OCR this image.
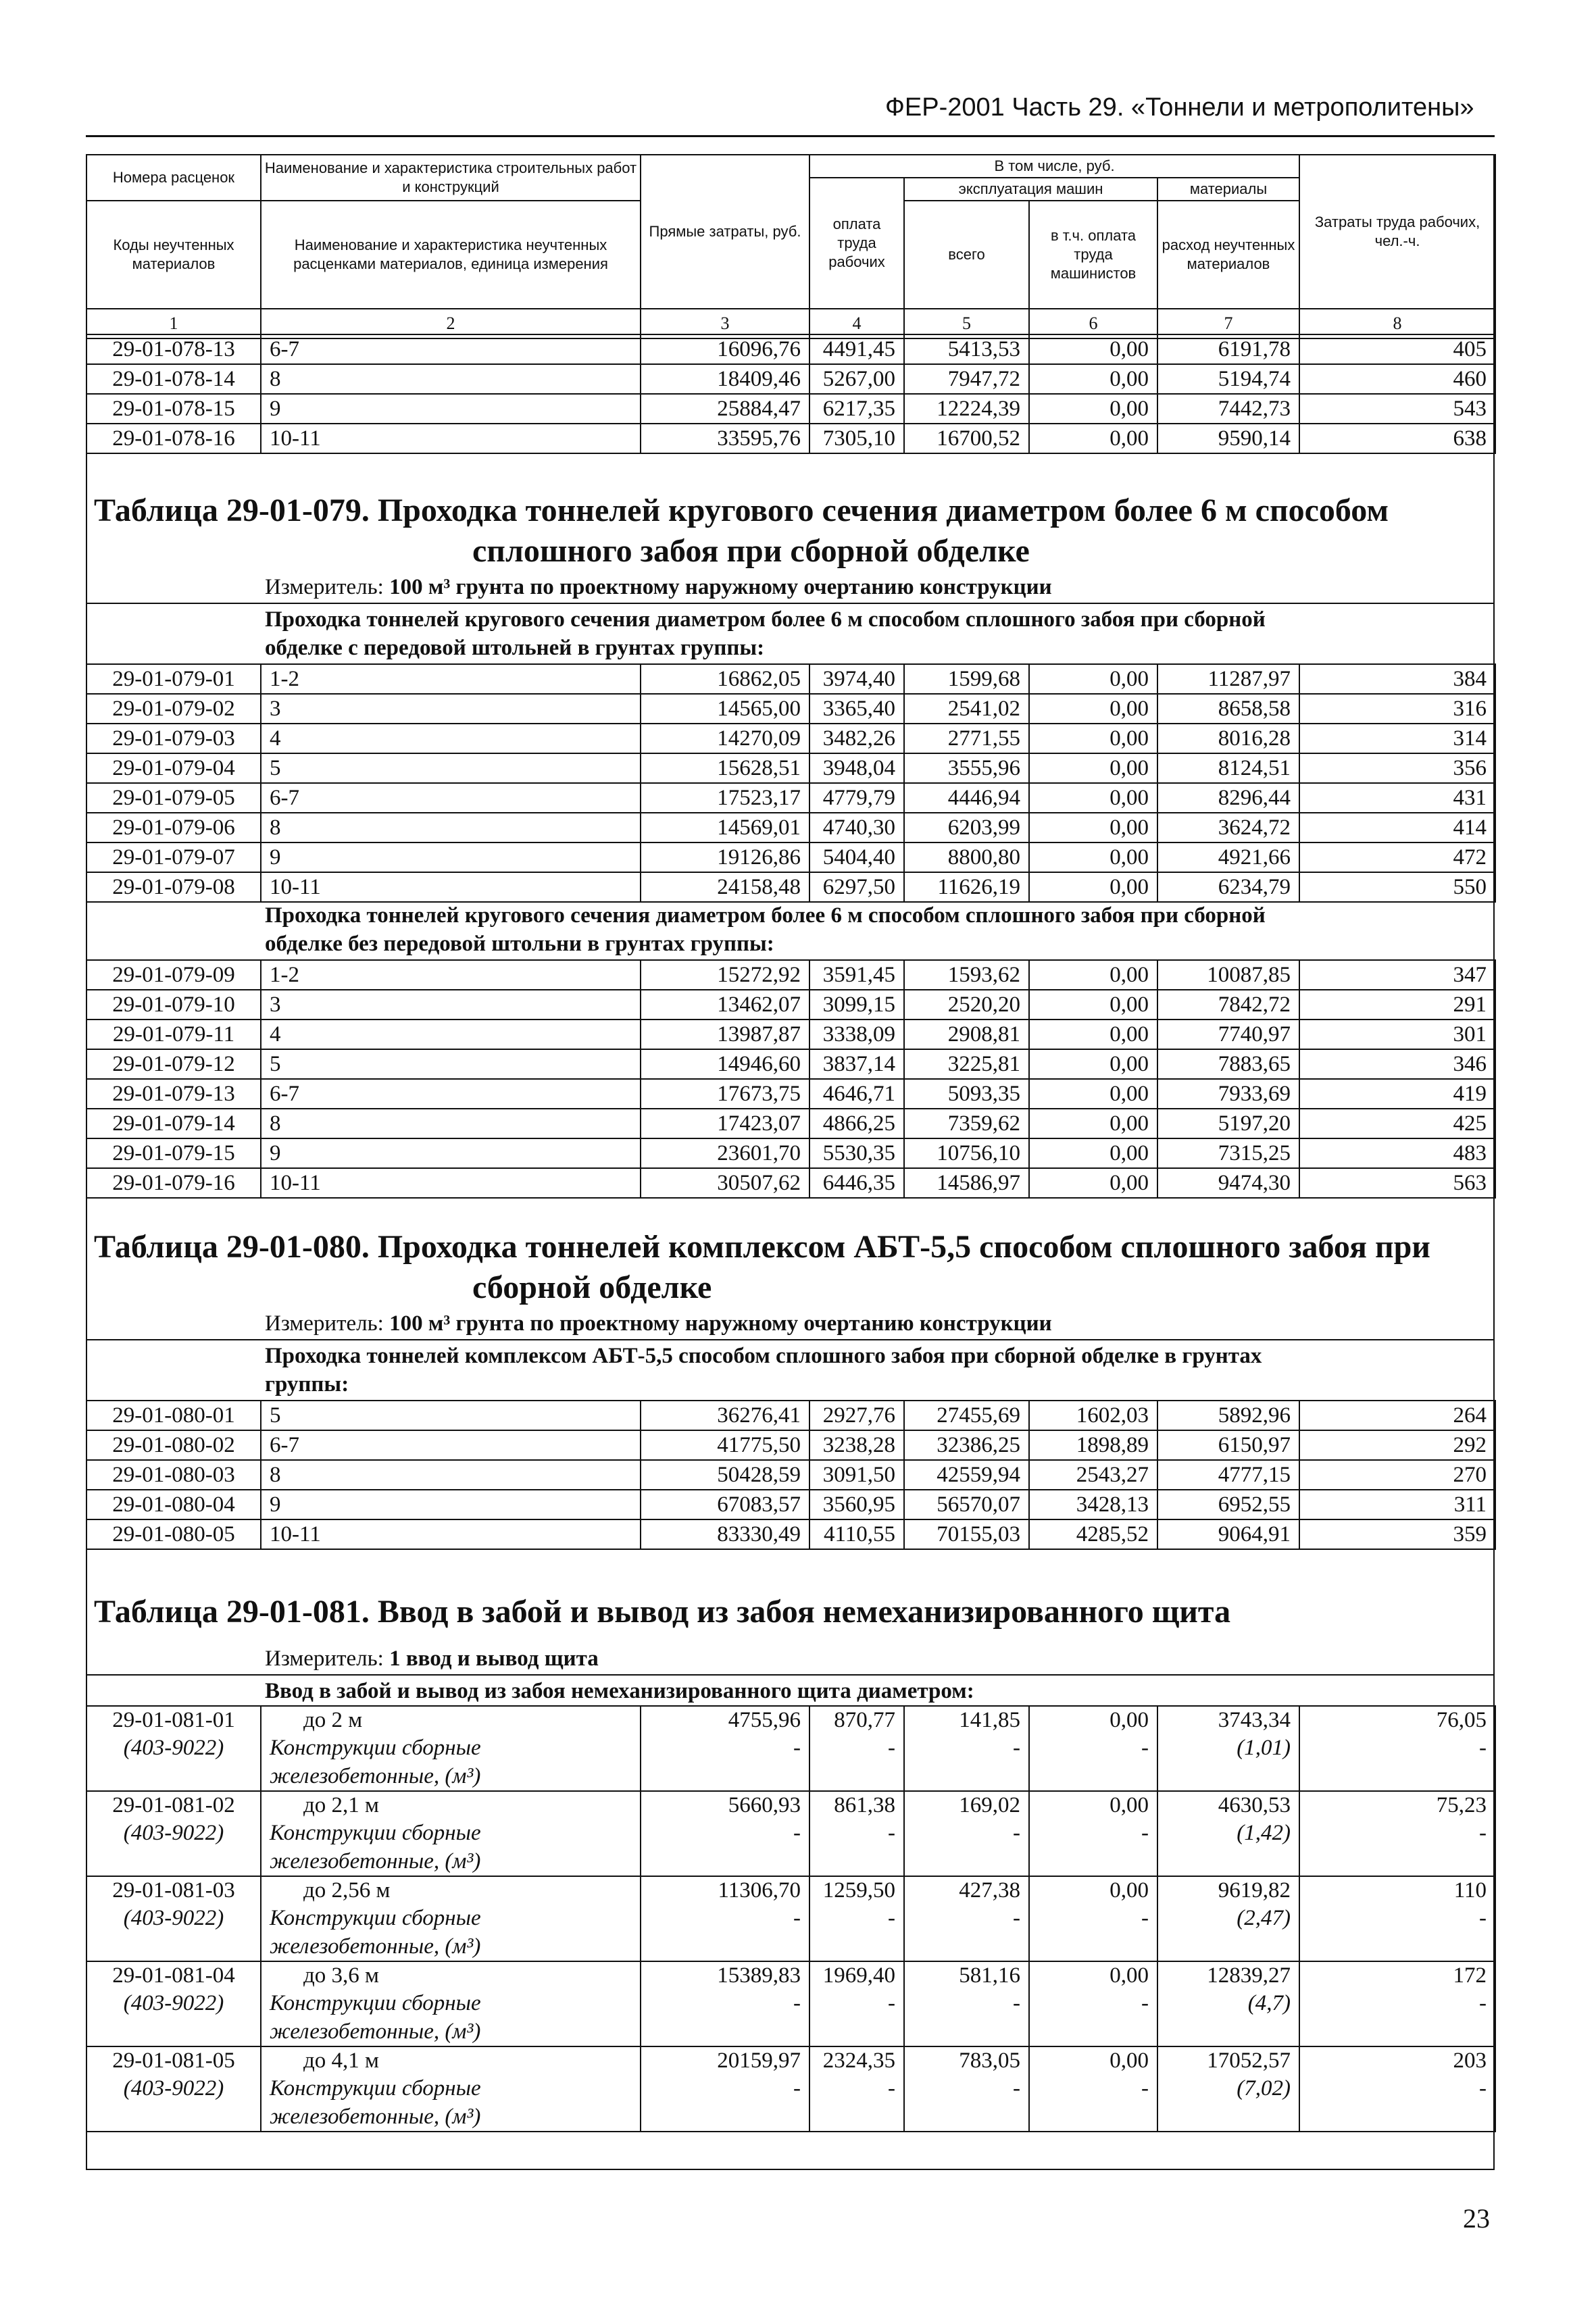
ФЕР-2001 Часть 29. «Тоннели и метрополитены»
Номера расценок	Наименование и характеристика строительных работ и конструкций	Прямые затраты, руб.	В том числе, руб.				Затраты труда рабочих, чел.-ч.
			оплата труда рабочих	эксплуатация машин		материалы	
Коды неучтенных материалов	Наименование и характеристика неучтенных расценками материалов, единица измерения			всего	в т.ч. оплата труда машинистов	расход неучтенных материалов	

1	2	3	4	5	6	7	8
29-01-078-13	6-7	16096,76	4491,45	5413,53	0,00	6191,78	405
29-01-078-14	8	18409,46	5267,00	7947,72	0,00	5194,74	460
29-01-078-15	9	25884,47	6217,35	12224,39	0,00	7442,73	543
29-01-078-16	10-11	33595,76	7305,10	16700,52	0,00	9590,14	638
Таблица 29-01-079. Проходка тоннелей кругового сечения диаметром более 6 м способом
сплошного забоя при сборной обделке
Измеритель: 100 м³ грунта по проектному наружному очертанию конструкции
Проходка тоннелей кругового сечения диаметром более 6 м способом сплошного забоя при сборной
обделке с передовой штольней в грунтах группы:
29-01-079-01	1-2	16862,05	3974,40	1599,68	0,00	11287,97	384
29-01-079-02	3	14565,00	3365,40	2541,02	0,00	8658,58	316
29-01-079-03	4	14270,09	3482,26	2771,55	0,00	8016,28	314
29-01-079-04	5	15628,51	3948,04	3555,96	0,00	8124,51	356
29-01-079-05	6-7	17523,17	4779,79	4446,94	0,00	8296,44	431
29-01-079-06	8	14569,01	4740,30	6203,99	0,00	3624,72	414
29-01-079-07	9	19126,86	5404,40	8800,80	0,00	4921,66	472
29-01-079-08	10-11	24158,48	6297,50	11626,19	0,00	6234,79	550
Проходка тоннелей кругового сечения диаметром более 6 м способом сплошного забоя при сборной
обделке без передовой штольни в грунтах группы:
29-01-079-09	1-2	15272,92	3591,45	1593,62	0,00	10087,85	347
29-01-079-10	3	13462,07	3099,15	2520,20	0,00	7842,72	291
29-01-079-11	4	13987,87	3338,09	2908,81	0,00	7740,97	301
29-01-079-12	5	14946,60	3837,14	3225,81	0,00	7883,65	346
29-01-079-13	6-7	17673,75	4646,71	5093,35	0,00	7933,69	419
29-01-079-14	8	17423,07	4866,25	7359,62	0,00	5197,20	425
29-01-079-15	9	23601,70	5530,35	10756,10	0,00	7315,25	483
29-01-079-16	10-11	30507,62	6446,35	14586,97	0,00	9474,30	563
Таблица 29-01-080. Проходка тоннелей комплексом АБТ-5,5 способом сплошного забоя при
сборной обделке
Измеритель: 100 м³ грунта по проектному наружному очертанию конструкции
Проходка тоннелей комплексом АБТ-5,5 способом сплошного забоя при сборной обделке в грунтах
группы:
29-01-080-01	5	36276,41	2927,76	27455,69	1602,03	5892,96	264
29-01-080-02	6-7	41775,50	3238,28	32386,25	1898,89	6150,97	292
29-01-080-03	8	50428,59	3091,50	42559,94	2543,27	4777,15	270
29-01-080-04	9	67083,57	3560,95	56570,07	3428,13	6952,55	311
29-01-080-05	10-11	83330,49	4110,55	70155,03	4285,52	9064,91	359
Таблица 29-01-081. Ввод в забой и вывод из забоя немеханизированного щита
Измеритель: 1 ввод и вывод щита
Ввод в забой и вывод из забоя немеханизированного щита диаметром:
29-01-081-01	до 2 м	4755,96	870,77	141,85	0,00	3743,34	76,05
(403-9022)	Конструкции сборные	-	-	-	-	(1,01)	-
	железобетонные, (м³)						
29-01-081-02	до 2,1 м	5660,93	861,38	169,02	0,00	4630,53	75,23
(403-9022)	Конструкции сборные	-	-	-	-	(1,42)	-
	железобетонные, (м³)						
29-01-081-03	до 2,56 м	11306,70	1259,50	427,38	0,00	9619,82	110
(403-9022)	Конструкции сборные	-	-	-	-	(2,47)	-
	железобетонные, (м³)						
29-01-081-04	до 3,6 м	15389,83	1969,40	581,16	0,00	12839,27	172
(403-9022)	Конструкции сборные	-	-	-	-	(4,7)	-
	железобетонные, (м³)						
29-01-081-05	до 4,1 м	20159,97	2324,35	783,05	0,00	17052,57	203
(403-9022)	Конструкции сборные	-	-	-	-	(7,02)	-
	железобетонные, (м³)						
23
